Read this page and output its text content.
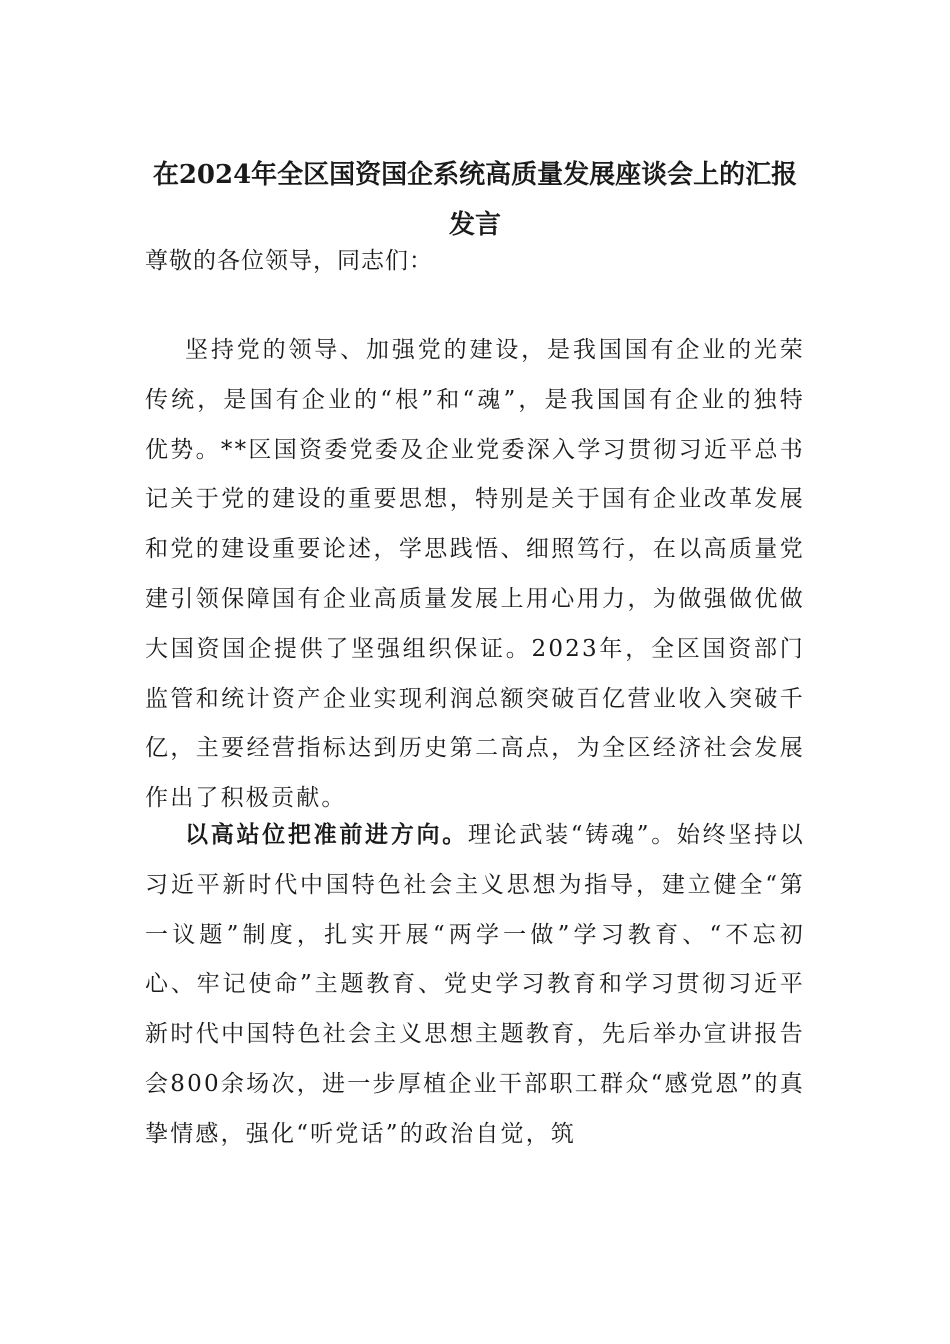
在2024年全区国资国企系统高质量发展座谈会上的汇报发言

尊敬的各位领导，同志们：

坚持党的领导、加强党的建设，是我国国有企业的光荣传统，是国有企业的“根”和“魂”，是我国国有企业的独特优势。**区国资委党委及企业党委深入学习贯彻习近平总书记关于党的建设的重要思想，特别是关于国有企业改革发展和党的建设重要论述，学思践悟、细照笃行，在以高质量党建引领保障国有企业高质量发展上用心用力，为做强做优做大国资国企提供了坚强组织保证。2023年，全区国资部门监管和统计资产企业实现利润总额突破百亿营业收入突破千亿，主要经营指标达到历史第二高点，为全区经济社会发展作出了积极贡献。

以高站位把准前进方向。理论武装“铸魂”。始终坚持以习近平新时代中国特色社会主义思想为指导，建立健全“第一议题”制度，扎实开展“两学一做”学习教育、“不忘初心、牢记使命”主题教育、党史学习教育和学习贯彻习近平新时代中国特色社会主义思想主题教育，先后举办宣讲报告会800余场次，进一步厚植企业干部职工群众“感党恩”的真挚情感，强化“听党话”的政治自觉，筑
